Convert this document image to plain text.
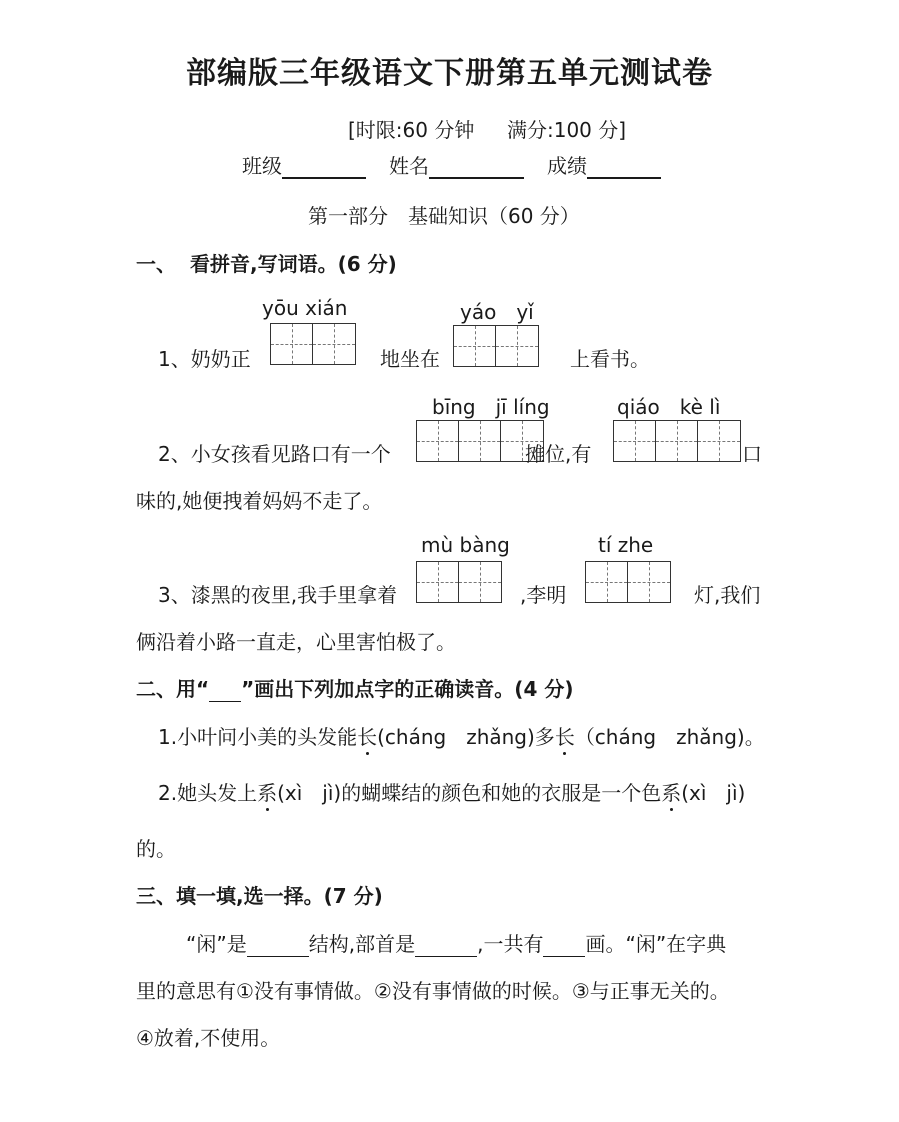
部编版三年级语文下册第五单元测试卷
[时限:60 分钟 满分:100 分]
班级	姓名	成绩
第一部分　基础知识（60 分）
一、 看拼音,写词语。(6 分)
yōu xián	yáo　yǐ
1、奶奶正	地坐在	上看书。
bīng　jī líng	qiáo　kè lì
2、小女孩看见路口有一个	摊位,有	口
味的,她便拽着妈妈不走了。
mù bàng	tí zhe
3、漆黑的夜里,我手里拿着	,李明	灯,我们
俩沿着小路一直走，心里害怕极了。
二、用“ ”画出下列加点字的正确读音。(4 分)
1.小叶问小美的头发能长(cháng　zhǎng)多长（cháng　zhǎng)。
2.她头发上系(xì　jì)的蝴蝶结的颜色和她的衣服是一个色系(xì　jì)
的。
三、填一填,选一择。(7 分)
“闲”是	结构,部首是	,一共有 画。“闲”在字典
里的意思有①没有事情做。②没有事情做的时候。③与正事无关的。
④放着,不使用。
